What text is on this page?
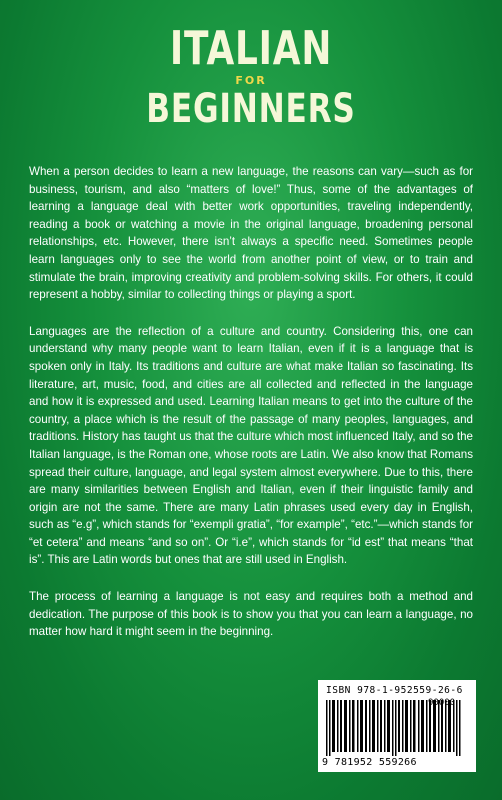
ITALIAN
FOR
BEGINNERS

When a person decides to learn a new language, the reasons can vary—such as for business, tourism, and also “matters of love!” Thus, some of the advantages of learning a language deal with better work opportunities, traveling independently, reading a book or watching a movie in the original language, broadening personal relationships, etc. However, there isn’t always a specific need. Sometimes people learn languages only to see the world from another point of view, or to train and stimulate the brain, improving creativity and problem-solving skills. For others, it could represent a hobby, similar to collecting things or playing a sport.

Languages are the reflection of a culture and country. Considering this, one can understand why many people want to learn Italian, even if it is a language that is spoken only in Italy. Its traditions and culture are what make Italian so fascinating. Its literature, art, music, food, and cities are all collected and reflected in the language and how it is expressed and used. Learning Italian means to get into the culture of the country, a place which is the result of the passage of many peoples, languages, and traditions. History has taught us that the culture which most influenced Italy, and so the Italian language, is the Roman one, whose roots are Latin. We also know that Romans spread their culture, language, and legal system almost everywhere. Due to this, there are many similarities between English and Italian, even if their linguistic family and origin are not the same. There are many Latin phrases used every day in English, such as “e.g”, which stands for “exempli gratia”, “for example”, “etc.”—which stands for “et cetera” and means “and so on”. Or “i.e”, which stands for “id est” that means “that is”. This are Latin words but ones that are still used in English.

The process of learning a language is not easy and requires both a method and dedication. The purpose of this book is to show you that you can learn a language, no matter how hard it might seem in the beginning.

ISBN 978-1-952559-26-6
9 781952 559266
